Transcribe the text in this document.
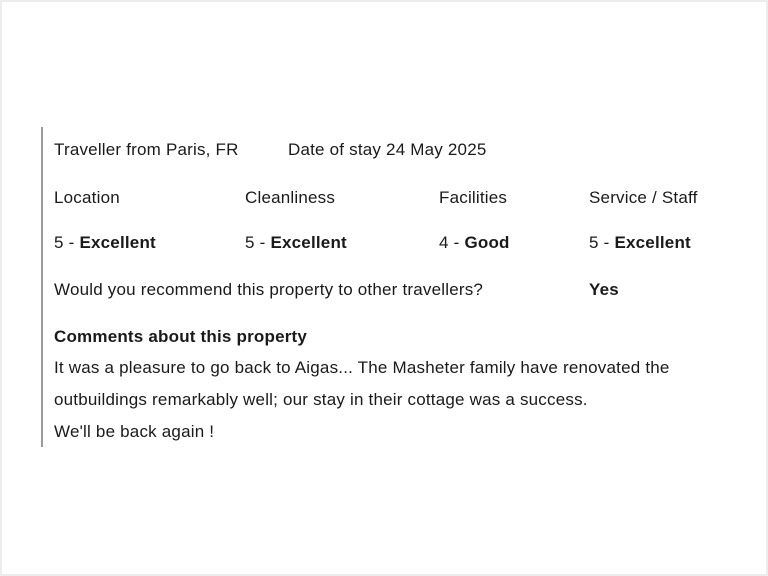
Traveller from Paris, FR	Date of stay 24 May 2025
Location	Cleanliness	Facilities	Service / Staff
5 - Excellent	5 - Excellent	4 - Good	5 - Excellent
Would you recommend this property to other travellers?	Yes
Comments about this property
It was a pleasure to go back to Aigas... The Masheter family have renovated the
outbuildings remarkably well; our stay in their cottage was a success.
We'll be back again !
